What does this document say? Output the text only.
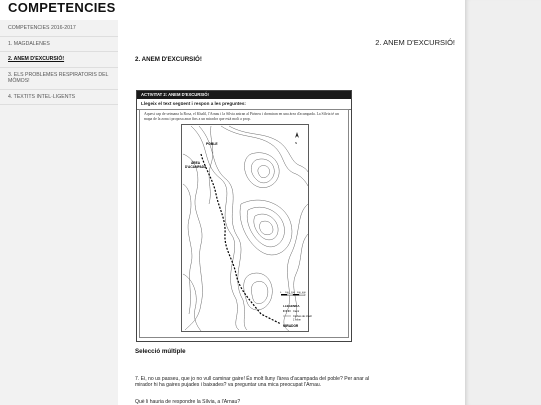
COMPETENCIES
COMPETENCIES 2016-2017
1. MAGDALENES
2. ANEM D'EXCURSIÓ!
3. ELS PROBLEMES RESPIRATORIS DEL MÒMOS!
4. TEXTITS INTEL·LIGENTS
2. ANEM D'EXCURSIÓ!
2. ANEM D'EXCURSIÓ!
ACTIVITAT 2: ANEM D'EXCURSIÓ!
Llegeix el text següent i respon a les preguntes:
Aquest cap de setmana la Rosa, el Khalil, l'Arnau i la Sílvia aniran al Pirineu i dormiran en una àrea d'acampada. La Sílvia té un mapa de la zona i proposa anar fins a un mirador que està molt a prop.
POBLE
ÀREA D'ACAMPADA
MIRADOR
N
LLEGENDA
Camí
Corbes de nivell
1 m/km
0	100	200	300 400
Selecció múltiple
7. Ei, no us passeu, que jo no vull caminar gaire! És molt lluny l'àrea d'acampada del poble? Per anar al mirador hi ha gaires pujades i baixades? va preguntar una mica preocupat l'Arnau.
Què li hauria de respondre la Sílvia, a l'Arnau?
